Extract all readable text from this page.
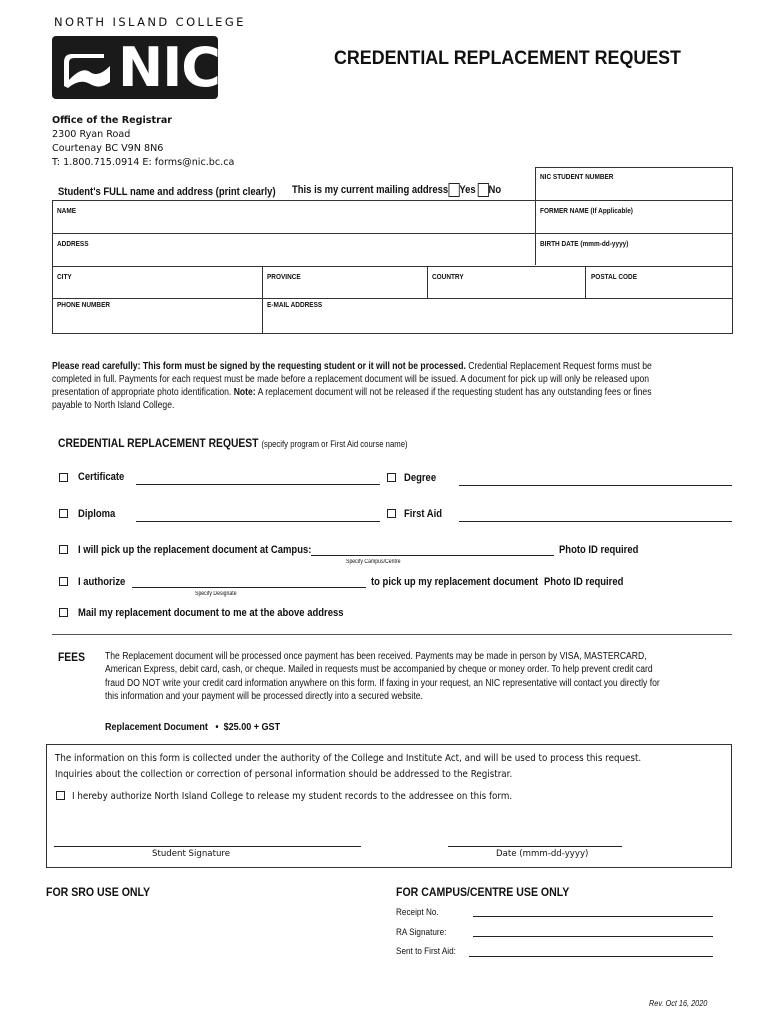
NORTH ISLAND COLLEGE
NIC	CREDENTIAL REPLACEMENT REQUEST
Office of the Registrar
2300 Ryan Road
Courtenay BC V9N 8N6
T: 1.800.715.0914 E: forms@nic.bc.ca
Student's FULL name and address (print clearly) This is my current mailing address Yes No
NIC STUDENT NUMBER
NAME	FORMER NAME (If Applicable)
ADDRESS	BIRTH DATE (mmm-dd-yyyy)
CITY	PROVINCE	COUNTRY	POSTAL CODE
PHONE NUMBER	E-MAIL ADDRESS
Please read carefully: This form must be signed by the requesting student or it will not be processed. Credential Replacement Request forms must be
completed in full. Payments for each request must be made before a replacement document will be issued. A document for pick up will only be released upon
presentation of appropriate photo identification. Note: A replacement document will not be released if the requesting student has any outstanding fees or fines
payable to North Island College.
CREDENTIAL REPLACEMENT REQUEST (specify program or First Aid course name)
Certificate	Degree
Diploma	First Aid
I will pick up the replacement document at Campus:	Photo ID required
Specify Campus/Centre
I authorize	to pick up my replacement document Photo ID required
Specify Designate
Mail my replacement document to me at the above address
FEES The Replacement document will be processed once payment has been received. Payments may be made in person by VISA, MASTERCARD,
American Express, debit card, cash, or cheque. Mailed in requests must be accompanied by cheque or money order. To help prevent credit card
fraud DO NOT write your credit card information anywhere on this form. If faxing in your request, an NIC representative will contact you directly for
this information and your payment will be processed directly into a secured website.
Replacement Document • $25.00 + GST
The information on this form is collected under the authority of the College and Institute Act, and will be used to process this request.
Inquiries about the collection or correction of personal information should be addressed to the Registrar.
I hereby authorize North Island College to release my student records to the addressee on this form.
Student Signature	Date (mmm-dd-yyyy)
FOR SRO USE ONLY	FOR CAMPUS/CENTRE USE ONLY
Receipt No.
RA Signature:
Sent to First Aid:
Rev. Oct 16, 2020
